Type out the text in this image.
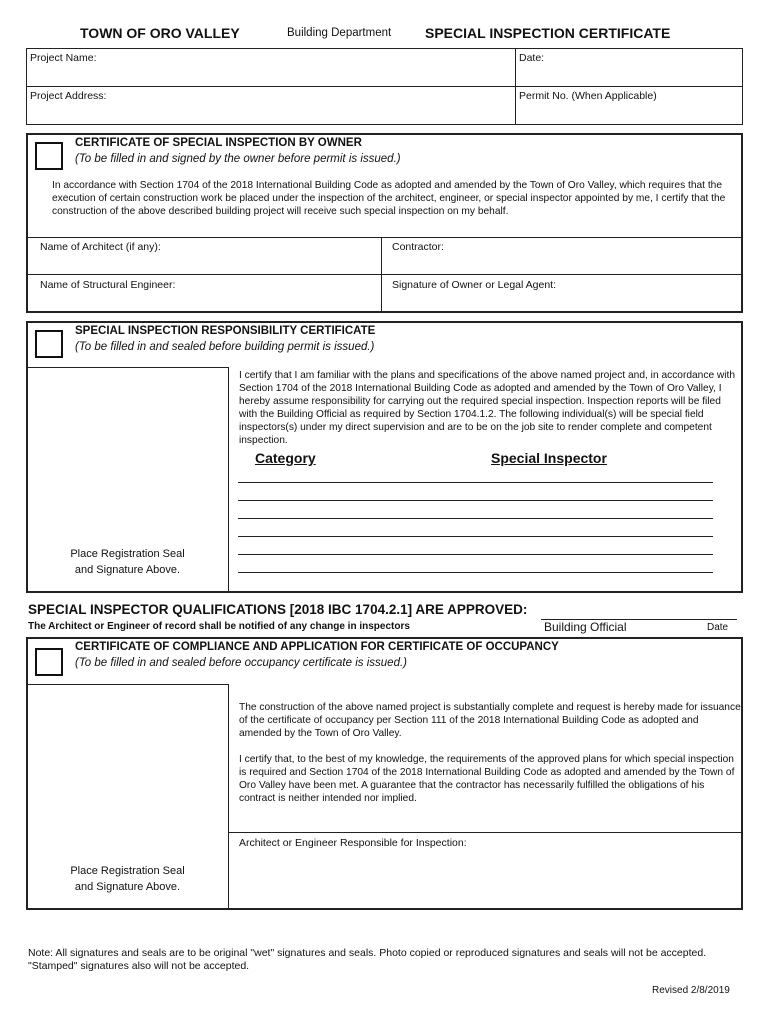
TOWN OF ORO VALLEY	Building Department SPECIAL INSPECTION CERTIFICATE
Project Name:	Date:
Project Address:	Permit No. (When Applicable)
CERTIFICATE OF SPECIAL INSPECTION BY OWNER
(To be filled in and signed by the owner before permit is issued.)
In accordance with Section 1704 of the 2018 International Building Code as adopted and amended by the Town of Oro Valley, which requires that the execution of certain construction work be placed under the inspection of the architect, engineer, or special inspector appointed by me, I certify that the construction of the above described building project will receive such special inspection on my behalf.
Name of Architect (if any):	Contractor:
Name of Structural Engineer:	Signature of Owner or Legal Agent:
SPECIAL INSPECTION RESPONSIBILITY CERTIFICATE
(To be filled in and sealed before building permit is issued.)
Place Registration Seal
and Signature Above.
I certify that I am familiar with the plans and specifications of the above named project and, in accordance with Section 1704 of the 2018 International Building Code as adopted and amended by the Town of Oro Valley, I hereby assume responsibility for carrying out the required special inspection. Inspection reports will be filed with the Building Official as required by Section 1704.1.2. The following individual(s) will be special field inspectors(s) under my direct supervision and are to be on the job site to render complete and competent inspection.
Category	Special Inspector
SPECIAL INSPECTOR QUALIFICATIONS [2018 IBC 1704.2.1] ARE APPROVED:
The Architect or Engineer of record shall be notified of any change in inspectors	Building Official	Date
CERTIFICATE OF COMPLIANCE AND APPLICATION FOR CERTIFICATE OF OCCUPANCY
(To be filled in and sealed before occupancy certificate is issued.)
Place Registration Seal
and Signature Above.
The construction of the above named project is substantially complete and request is hereby made for issuance of the certificate of occupancy per Section 111 of the 2018 International Building Code as adopted and amended by the Town of Oro Valley.
I certify that, to the best of my knowledge, the requirements of the approved plans for which special inspection is required and Section 1704 of the 2018 International Building Code as adopted and amended by the Town of Oro Valley have been met. A guarantee that the contractor has necessarily fulfilled the obligations of his contract is neither intended nor implied.
Architect or Engineer Responsible for Inspection:
Note: All signatures and seals are to be original "wet" signatures and seals. Photo copied or reproduced signatures and seals will not be accepted. "Stamped" signatures also will not be accepted.
Revised 2/8/2019
